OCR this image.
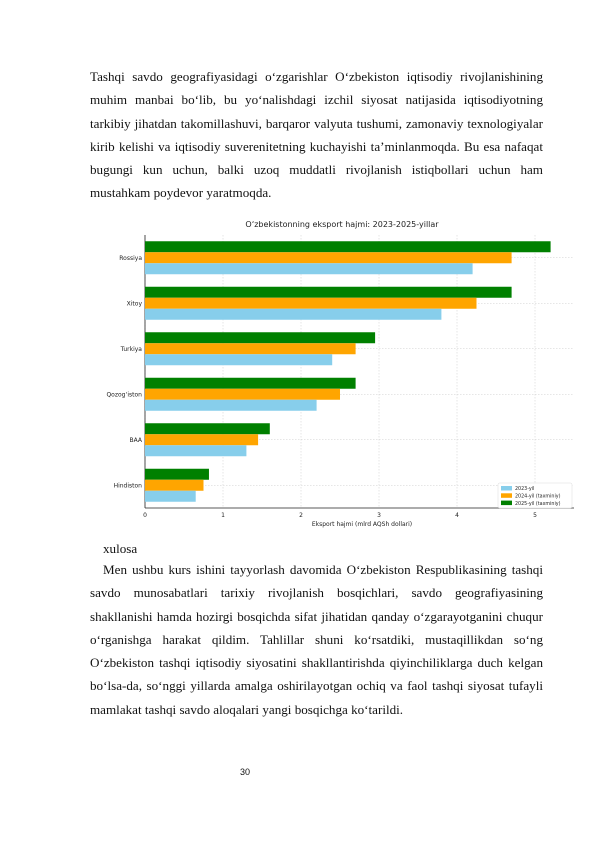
Tashqi savdo geografiyasidagi o‘zgarishlar O‘zbekiston iqtisodiy rivojlanishining muhim manbai bo‘lib, bu yo‘nalishdagi izchil siyosat natijasida iqtisodiyotning tarkibiy jihatdan takomillashuvi, barqaror valyuta tushumi, zamonaviy texnologiyalar kirib kelishi va iqtisodiy suverenitetning kuchayishi ta’minlanmoqda. Bu esa nafaqat bugungi kun uchun, balki uzoq muddatli rivojlanish istiqbollari uchun ham mustahkam poydevor yaratmoqda.
O‘zbekistonning eksport hajmi: 2023-2025-yillar
0	1	2	3	4	5
Rossiya
Xitoy
Turkiya
Qozog‘iston
BAA
Hindiston
Eksport hajmi (mlrd AQSh dollari)
2023-yil
2024-yil (taxminiy)
2025-yil (taxminiy)
xulosa
Men ushbu kurs ishini tayyorlash davomida O‘zbekiston Respublikasining tashqi savdo munosabatlari tarixiy rivojlanish bosqichlari, savdo geografiyasining shakllanishi hamda hozirgi bosqichda sifat jihatidan qanday o‘zgarayotganini chuqur o‘rganishga harakat qildim. Tahlillar shuni ko‘rsatdiki, mustaqillikdan so‘ng O‘zbekiston tashqi iqtisodiy siyosatini shakllantirishda qiyinchiliklarga duch kelgan bo‘lsa-da, so‘nggi yillarda amalga oshirilayotgan ochiq va faol tashqi siyosat tufayli mamlakat tashqi savdo aloqalari yangi bosqichga ko‘tarildi.
30
